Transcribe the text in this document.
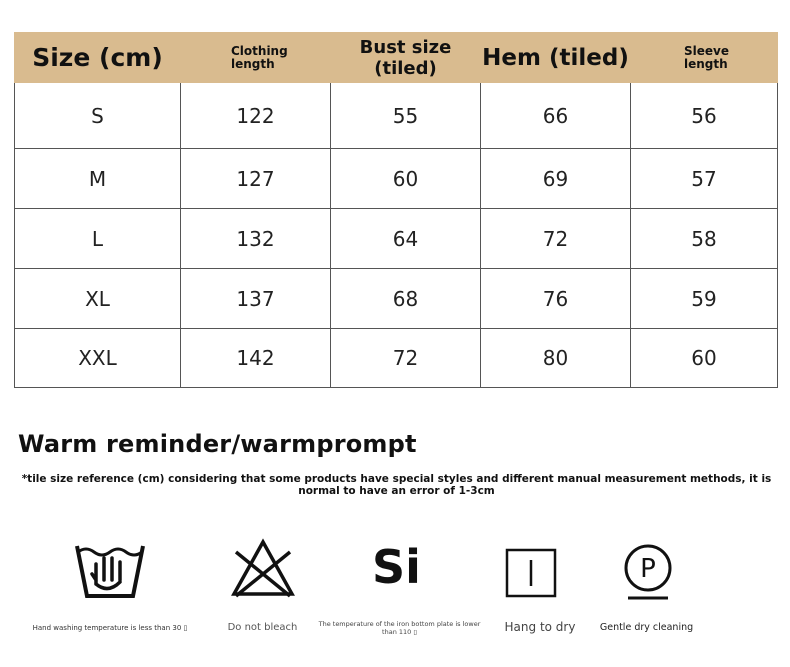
Size (cm)	Clothing length	Bust size (tiled)	Hem (tiled)	Sleeve length

S	122	55	66	56
M	127	60	69	57
L	132	64	72	58
XL	137	68	76	59
XXL	142	72	80	60
Warm reminder/warmprompt

*tile size reference (cm) considering that some products have special styles and different manual measurement methods, it is normal to have an error of 1-3cm

Hand washing temperature is less than 30 ▯	Do not bleach
Si
The temperature of the iron bottom plate is lower than 110 ▯	Hang to dry
P
Gentle dry cleaning
